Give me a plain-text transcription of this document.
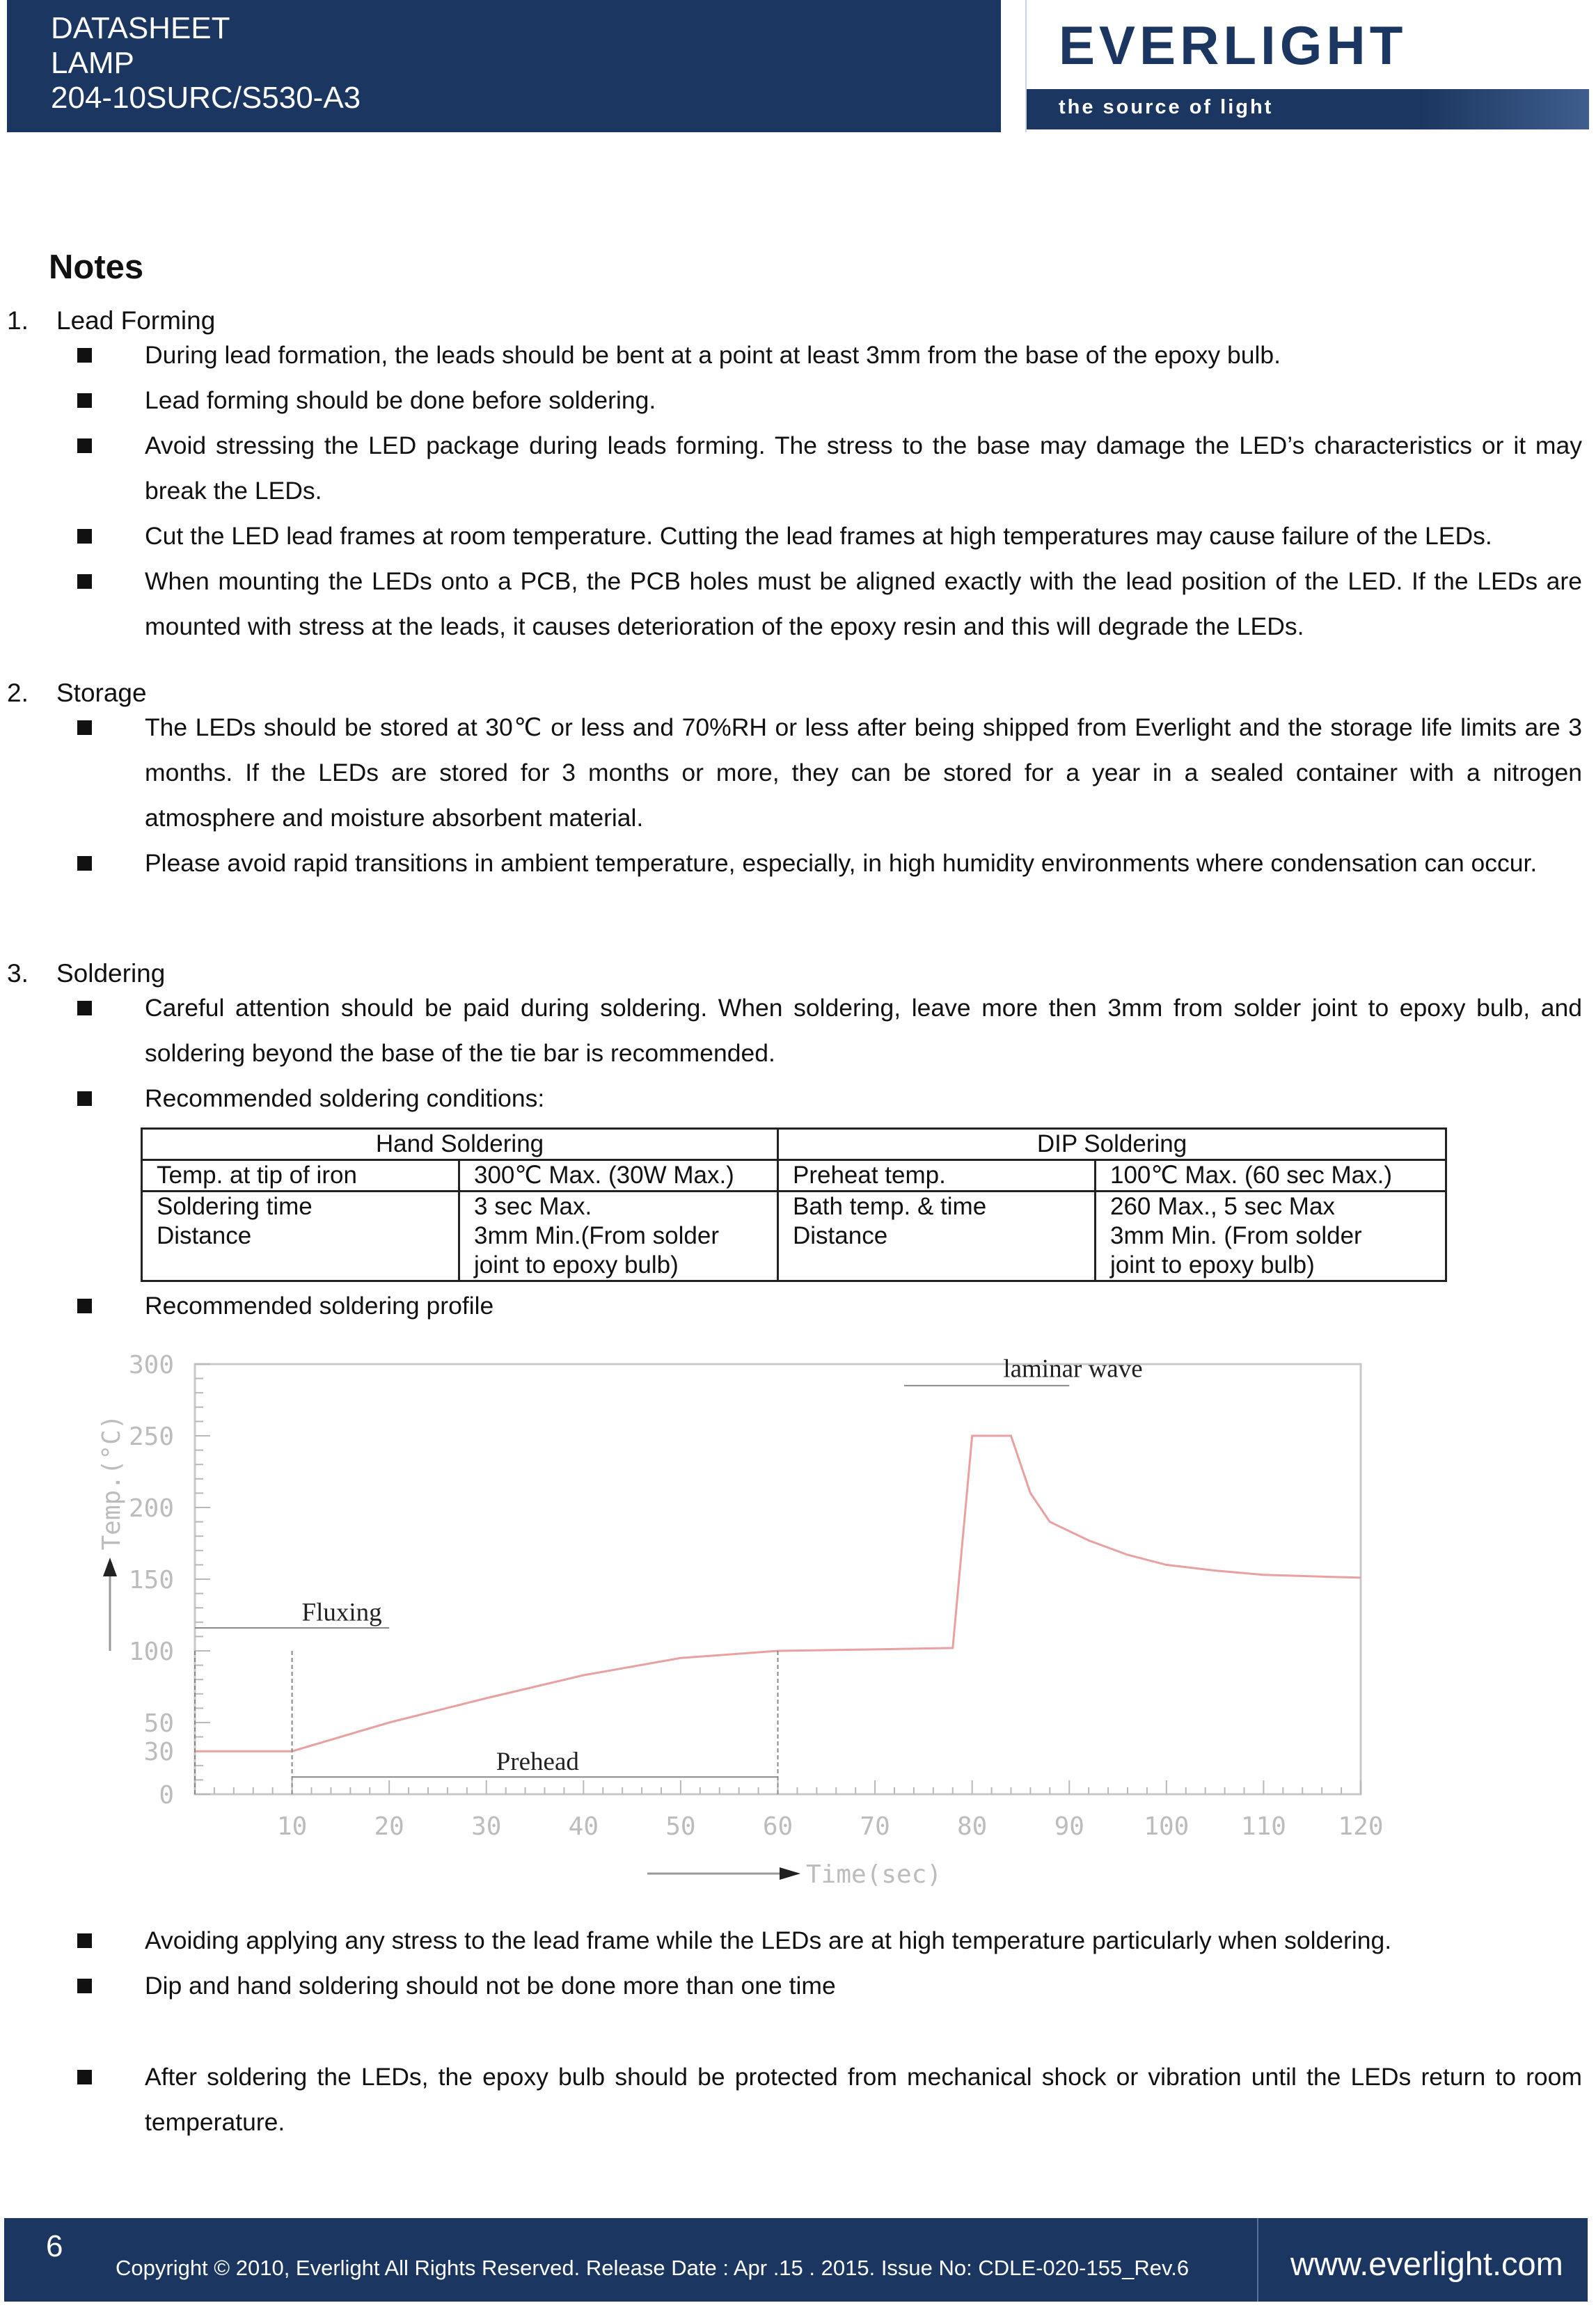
DATASHEET
LAMP
204-10SURC/S530-A3
EVERLIGHT
the source of light
Notes
1. Lead Forming
During lead formation, the leads should be bent at a point at least 3mm from the base of the epoxy bulb.
Lead forming should be done before soldering.
Avoid stressing the LED package during leads forming. The stress to the base may damage the LED’s characteristics or it may break the LEDs.
Cut the LED lead frames at room temperature. Cutting the lead frames at high temperatures may cause failure of the LEDs.
When mounting the LEDs onto a PCB, the PCB holes must be aligned exactly with the lead position of the LED. If the LEDs are mounted with stress at the leads, it causes deterioration of the epoxy resin and this will degrade the LEDs.
2. Storage
The LEDs should be stored at 30℃ or less and 70%RH or less after being shipped from Everlight and the storage life limits are 3 months. If the LEDs are stored for 3 months or more, they can be stored for a year in a sealed container with a nitrogen atmosphere and moisture absorbent material.
Please avoid rapid transitions in ambient temperature, especially, in high humidity environments where condensation can occur.
3. Soldering
Careful attention should be paid during soldering. When soldering, leave more then 3mm from solder joint to epoxy bulb, and soldering beyond the base of the tie bar is recommended.
Recommended soldering conditions:
Hand Soldering		DIP Soldering	
Temp. at tip of iron	300℃ Max. (30W Max.)	Preheat temp.	100℃ Max. (60 sec Max.)
Soldering time	3 sec Max.	Bath temp. & time	260 Max., 5 sec Max
Distance	3mm Min.(From solder	Distance	3mm Min. (From solder
	joint to epoxy bulb)		joint to epoxy bulb)
Recommended soldering profile
0
30
50
100
150
200
250
300
10	20	30	40	50	60	70	80	90 100 110 120
Temp.(°C)
Time(sec)
laminar wave
Fluxing
Prehead
Avoiding applying any stress to the lead frame while the LEDs are at high temperature particularly when soldering.
Dip and hand soldering should not be done more than one time
After soldering the LEDs, the epoxy bulb should be protected from mechanical shock or vibration until the LEDs return to room temperature.
6
Copyright © 2010, Everlight All Rights Reserved. Release Date : Apr .15 . 2015. Issue No: CDLE-020-155_Rev.6	www.everlight.com
